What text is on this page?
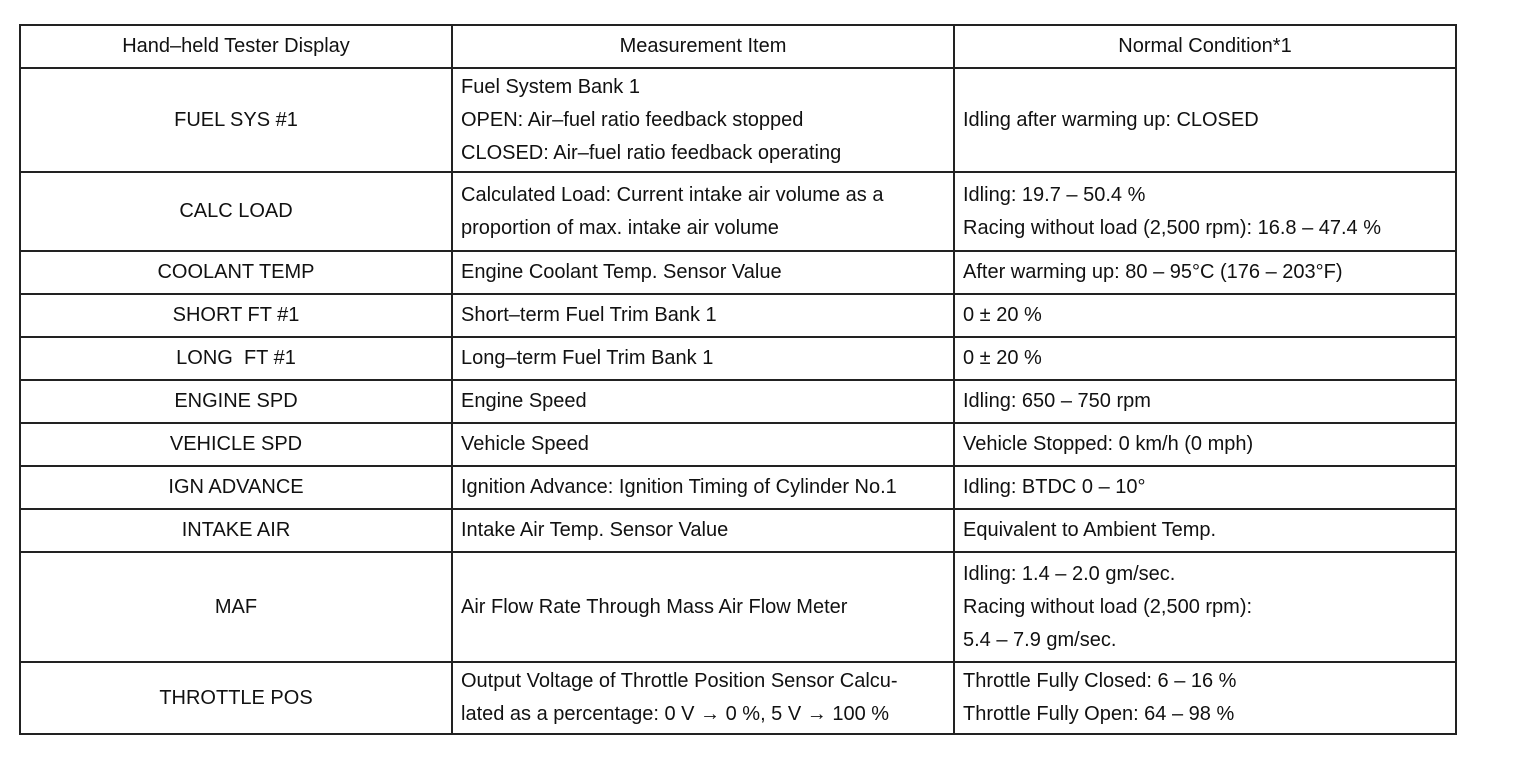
Hand–held Tester Display	Measurement Item	Normal Condition*1
FUEL SYS #1	Fuel System Bank 1
OPEN: Air–fuel ratio feedback stopped
CLOSED: Air–fuel ratio feedback operating	Idling after warming up: CLOSED

CALC LOAD	Calculated Load: Current intake air volume as a
proportion of max. intake air volume	Idling: 19.7 – 50.4 %
Racing without load (2,500 rpm): 16.8 – 47.4 %

COOLANT TEMP	Engine Coolant Temp. Sensor Value	After warming up: 80 – 95°C (176 – 203°F)

SHORT FT #1	Short–term Fuel Trim Bank 1	0 ± 20 %

LONG  FT #1	Long–term Fuel Trim Bank 1	0 ± 20 %

ENGINE SPD	Engine Speed	Idling: 650 – 750 rpm

VEHICLE SPD	Vehicle Speed	Vehicle Stopped: 0 km/h (0 mph)

IGN ADVANCE	Ignition Advance: Ignition Timing of Cylinder No.1	Idling: BTDC 0 – 10°

INTAKE AIR	Intake Air Temp. Sensor Value	Equivalent to Ambient Temp.

MAF	Air Flow Rate Through Mass Air Flow Meter	Idling: 1.4 – 2.0 gm/sec.
Racing without load (2,500 rpm):
5.4 – 7.9 gm/sec.

THROTTLE POS	Output Voltage of Throttle Position Sensor Calcu-
lated as a percentage: 0 V → 0 %, 5 V → 100 %	Throttle Fully Closed: 6 – 16 %
Throttle Fully Open: 64 – 98 %
